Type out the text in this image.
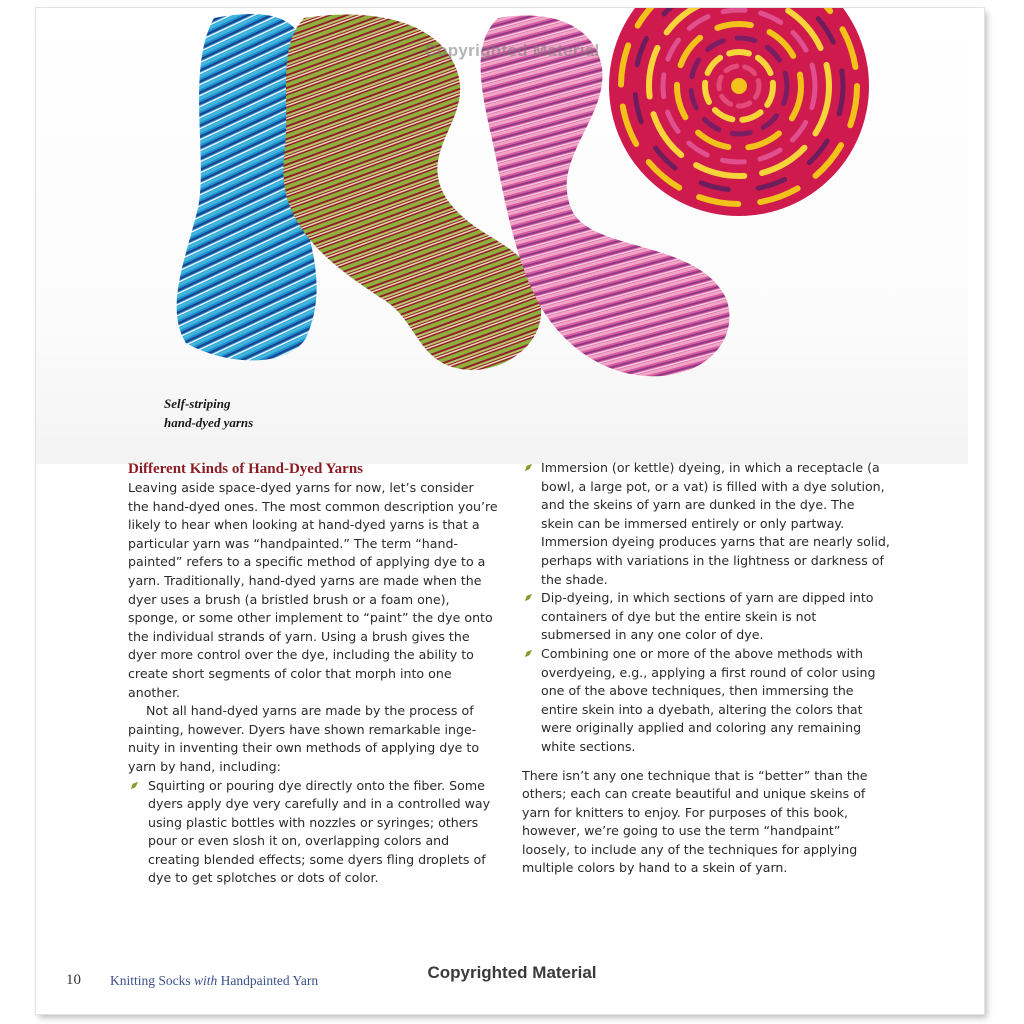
Self-striping
hand-dyed yarns
Copyrighted Material
Different Kinds of Hand-Dyed Yarns

Leaving aside space-dyed yarns for now, let’s consider the hand-dyed ones. The most common description you’re likely to hear when looking at hand-dyed yarns is that a particular yarn was “handpainted.” The term “hand-painted” refers to a specific method of applying dye to a yarn. Traditionally, hand-dyed yarns are made when the dyer uses a brush (a bristled brush or a foam one), sponge, or some other implement to “paint” the dye onto the individual strands of yarn. Using a brush gives the dyer more control over the dye, including the ability to create short segments of color that morph into one another.

Not all hand-dyed yarns are made by the process of painting, however. Dyers have shown remarkable inge-nuity in inventing their own methods of applying dye to yarn by hand, including:

Squirting or pouring dye directly onto the fiber. Some dyers apply dye very carefully and in a controlled way using plastic bottles with nozzles or syringes; others pour or even slosh it on, overlapping colors and creating blended effects; some dyers fling droplets of dye to get splotches or dots of color.
Immersion (or kettle) dyeing, in which a receptacle (a bowl, a large pot, or a vat) is filled with a dye solution, and the skeins of yarn are dunked in the dye. The skein can be immersed entirely or only partway. Immersion dyeing produces yarns that are nearly solid, perhaps with variations in the lightness or darkness of the shade.
Dip-dyeing, in which sections of yarn are dipped into containers of dye but the entire skein is not submersed in any one color of dye.
Combining one or more of the above methods with overdyeing, e.g., applying a first round of color using one of the above techniques, then immersing the entire skein into a dyebath, altering the colors that were originally applied and coloring any remaining white sections.

There isn’t any one technique that is “better” than the others; each can create beautiful and unique skeins of yarn for knitters to enjoy. For purposes of this book, however, we’re going to use the term “handpaint” loosely, to include any of the techniques for applying multiple colors by hand to a skein of yarn.

10 Knitting Socks with Handpainted Yarn	Copyrighted Material
